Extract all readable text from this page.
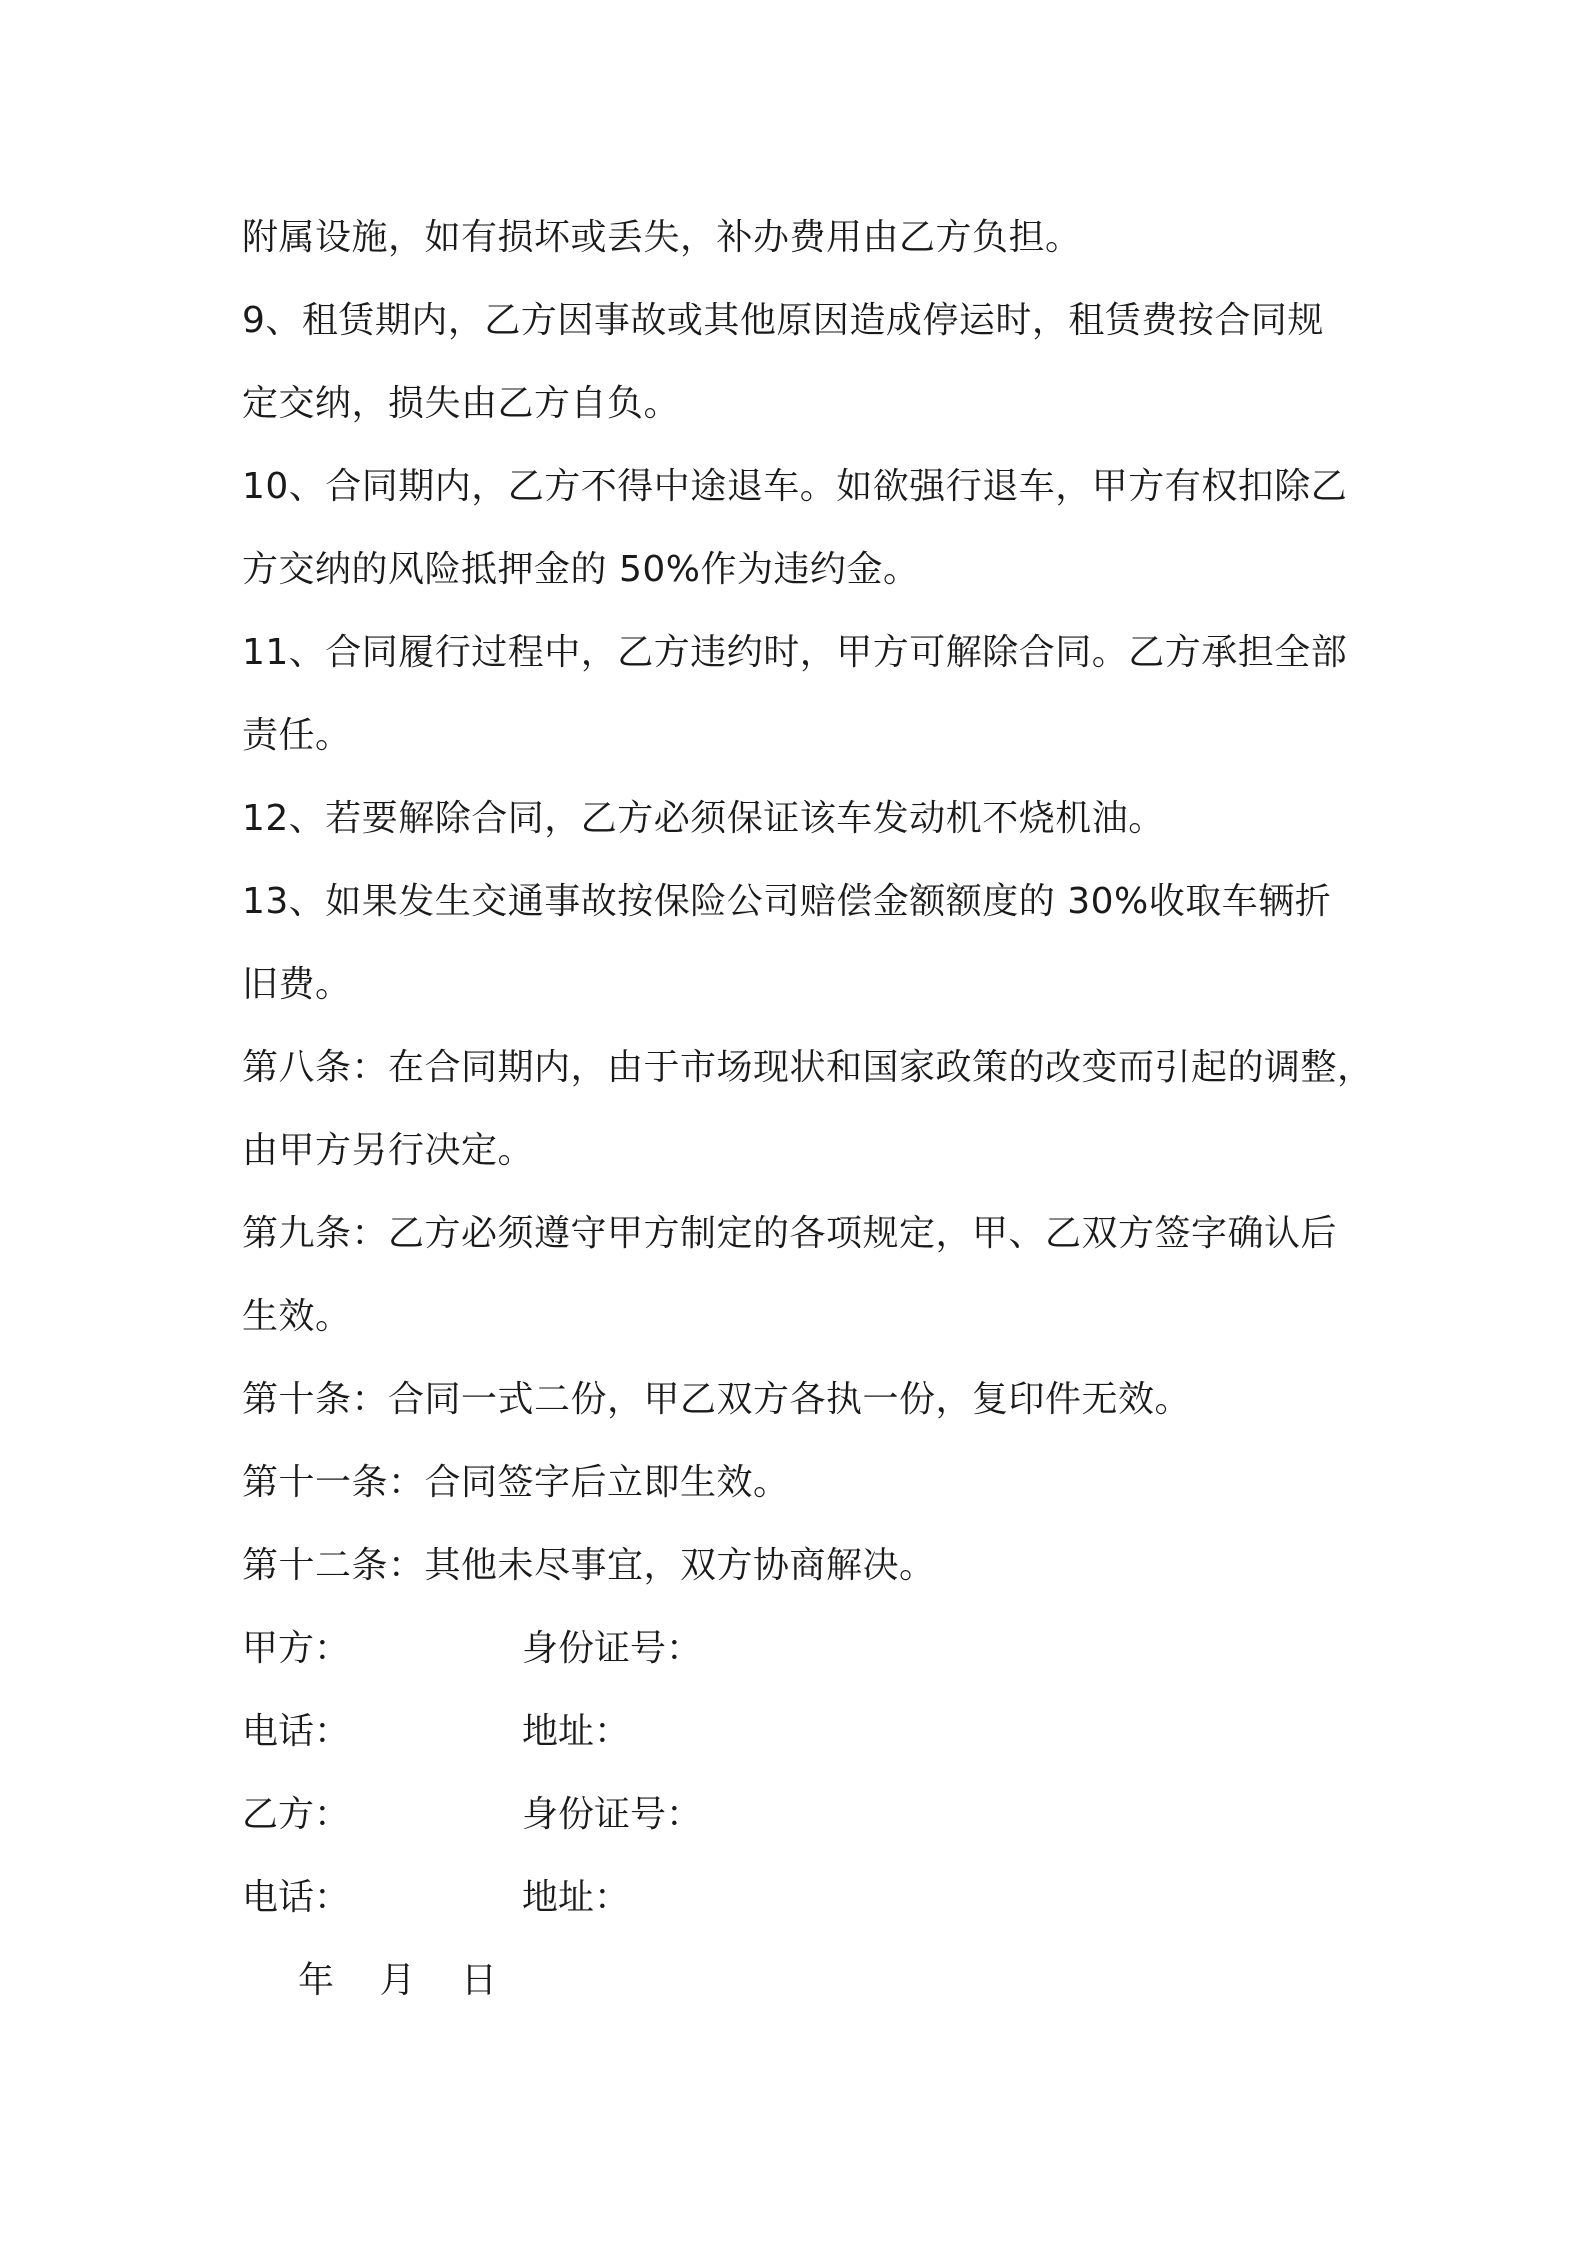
附属设施，如有损坏或丢失，补办费用由乙方负担。
9、租赁期内，乙方因事故或其他原因造成停运时，租赁费按合同规
定交纳，损失由乙方自负。
10、合同期内，乙方不得中途退车。如欲强行退车，甲方有权扣除乙
方交纳的风险抵押金的 50%作为违约金。
11、合同履行过程中，乙方违约时，甲方可解除合同。乙方承担全部
责任。
12、若要解除合同，乙方必须保证该车发动机不烧机油。
13、如果发生交通事故按保险公司赔偿金额额度的 30%收取车辆折
旧费。
第八条：在合同期内，由于市场现状和国家政策的改变而引起的调整，
由甲方另行决定。
第九条：乙方必须遵守甲方制定的各项规定，甲、乙双方签字确认后
生效。
第十条：合同一式二份，甲乙双方各执一份，复印件无效。
第十一条：合同签字后立即生效。
第十二条：其他未尽事宜，双方协商解决。
甲方：	身份证号：
电话：	地址：
乙方：	身份证号：
电话：	地址：
年 月 日
